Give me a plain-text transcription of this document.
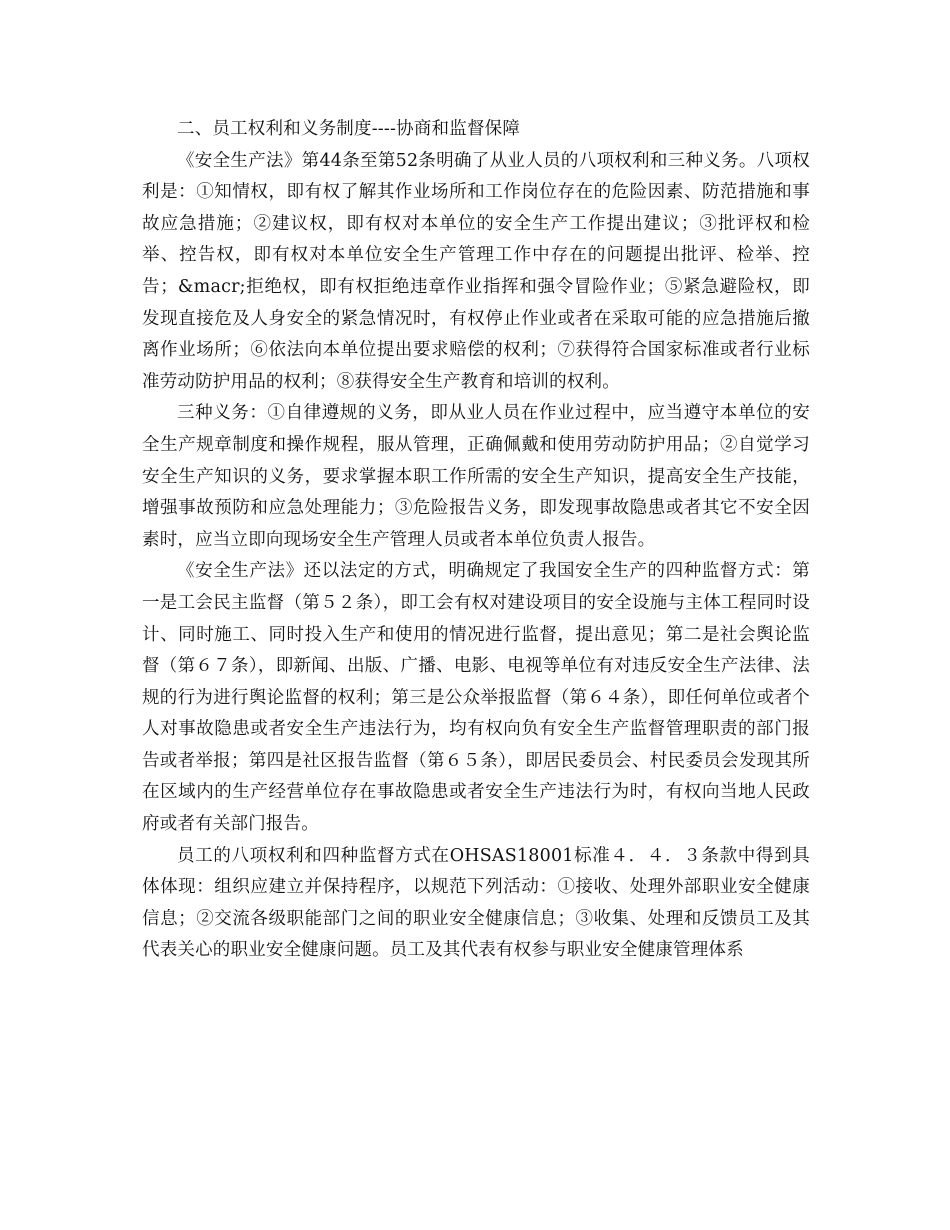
二、员工权利和义务制度----协商和监督保障

《安全生产法》第44条至第52条明确了从业人员的八项权利和三种义务。八项权利是：①知情权，即有权了解其作业场所和工作岗位存在的危险因素、防范措施和事故应急措施；②建议权，即有权对本单位的安全生产工作提出建议；③批评权和检举、控告权，即有权对本单位安全生产管理工作中存在的问题提出批评、检举、控告；&macr;拒绝权，即有权拒绝违章作业指挥和强令冒险作业；⑤紧急避险权，即发现直接危及人身安全的紧急情况时，有权停止作业或者在采取可能的应急措施后撤离作业场所；⑥依法向本单位提出要求赔偿的权利；⑦获得符合国家标准或者行业标准劳动防护用品的权利；⑧获得安全生产教育和培训的权利。

三种义务：①自律遵规的义务，即从业人员在作业过程中，应当遵守本单位的安全生产规章制度和操作规程，服从管理，正确佩戴和使用劳动防护用品；②自觉学习安全生产知识的义务，要求掌握本职工作所需的安全生产知识，提高安全生产技能，增强事故预防和应急处理能力；③危险报告义务，即发现事故隐患或者其它不安全因素时，应当立即向现场安全生产管理人员或者本单位负责人报告。

《安全生产法》还以法定的方式，明确规定了我国安全生产的四种监督方式：第一是工会民主监督（第５２条），即工会有权对建设项目的安全设施与主体工程同时设计、同时施工、同时投入生产和使用的情况进行监督，提出意见；第二是社会舆论监督（第６７条），即新闻、出版、广播、电影、电视等单位有对违反安全生产法律、法规的行为进行舆论监督的权利；第三是公众举报监督（第６４条），即任何单位或者个人对事故隐患或者安全生产违法行为，均有权向负有安全生产监督管理职责的部门报告或者举报；第四是社区报告监督（第６５条），即居民委员会、村民委员会发现其所在区域内的生产经营单位存在事故隐患或者安全生产违法行为时，有权向当地人民政府或者有关部门报告。

员工的八项权利和四种监督方式在OHSAS18001标准４．４．３条款中得到具体体现：组织应建立并保持程序，以规范下列活动：①接收、处理外部职业安全健康信息；②交流各级职能部门之间的职业安全健康信息；③收集、处理和反馈员工及其代表关心的职业安全健康问题。员工及其代表有权参与职业安全健康管理体系
